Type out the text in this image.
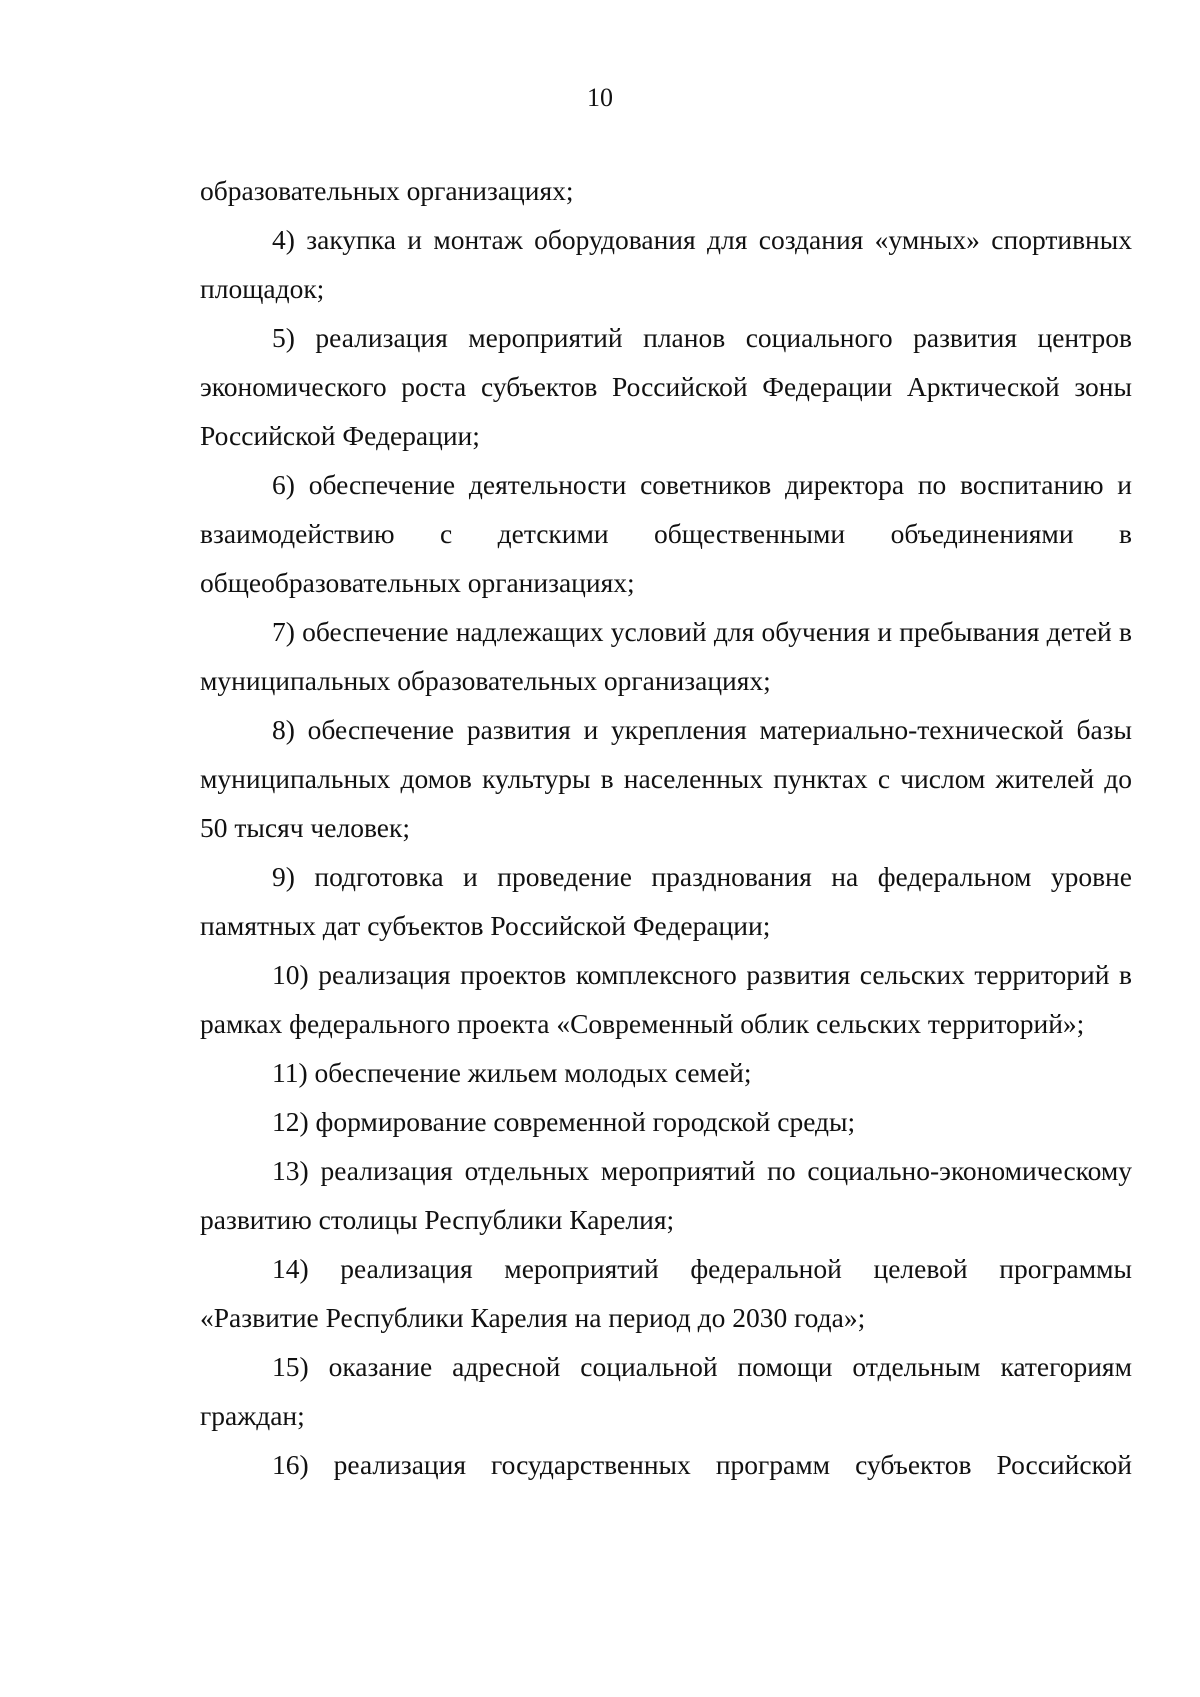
10

образовательных организациях;

4) закупка и монтаж оборудования для создания «умных» спортивных площадок;

5) реализация мероприятий планов социального развития центров экономического роста субъектов Российской Федерации Арктической зоны Российской Федерации;

6) обеспечение деятельности советников директора по воспитанию и взаимодействию с детскими общественными объединениями в общеобразовательных организациях;

7) обеспечение надлежащих условий для обучения и пребывания детей в муниципальных образовательных организациях;

8) обеспечение развития и укрепления материально-технической базы муниципальных домов культуры в населенных пунктах с числом жителей до 50 тысяч человек;

9) подготовка и проведение празднования на федеральном уровне памятных дат субъектов Российской Федерации;

10) реализация проектов комплексного развития сельских территорий в рамках федерального проекта «Современный облик сельских территорий»;

11) обеспечение жильем молодых семей;

12) формирование современной городской среды;

13) реализация отдельных мероприятий по социально-экономическому развитию столицы Республики Карелия;

14) реализация мероприятий федеральной целевой программы «Развитие Республики Карелия на период до 2030 года»;

15) оказание адресной социальной помощи отдельным категориям граждан;

16) реализация государственных программ субъектов Российской
